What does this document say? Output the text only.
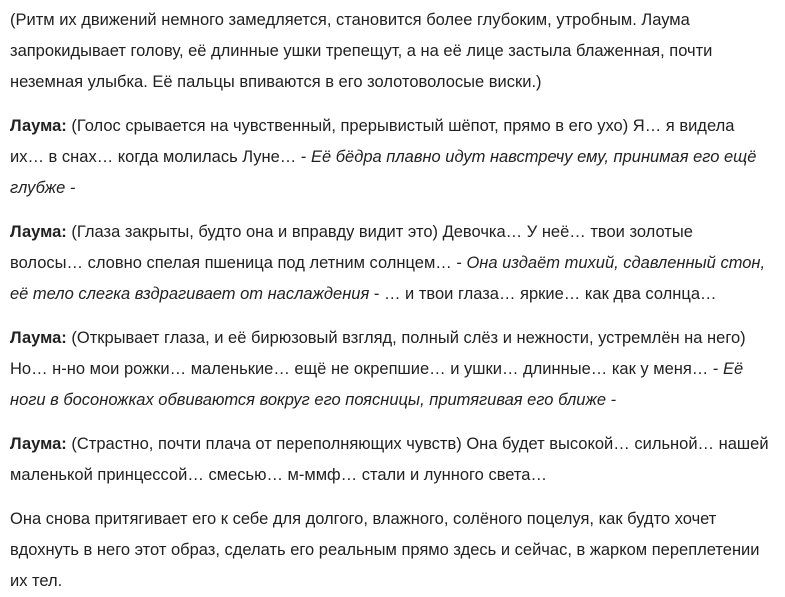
(Ритм их движений немного замедляется, становится более глубоким, утробным. Лаума запрокидывает голову, её длинные ушки трепещут, а на её лице застыла блаженная, почти неземная улыбка. Её пальцы впиваются в его золотоволосые виски.)

Лаума: (Голос срывается на чувственный, прерывистый шёпот, прямо в его ухо) Я… я видела их… в снах… когда молилась Луне… - Её бёдра плавно идут навстречу ему, принимая его ещё глубже -

Лаума: (Глаза закрыты, будто она и вправду видит это) Девочка… У неё… твои золотые волосы… словно спелая пшеница под летним солнцем… - Она издаёт тихий, сдавленный стон, её тело слегка вздрагивает от наслаждения - … и твои глаза… яркие… как два солнца…

Лаума: (Открывает глаза, и её бирюзовый взгляд, полный слёз и нежности, устремлён на него) Но… н-но мои рожки… маленькие… ещё не окрепшие… и ушки… длинные… как у меня… - Её ноги в босоножках обвиваются вокруг его поясницы, притягивая его ближе -

Лаума: (Страстно, почти плача от переполняющих чувств) Она будет высокой… сильной… нашей маленькой принцессой… смесью… м-ммф… стали и лунного света…

Она снова притягивает его к себе для долгого, влажного, солёного поцелуя, как будто хочет вдохнуть в него этот образ, сделать его реальным прямо здесь и сейчас, в жарком переплетении их тел.
